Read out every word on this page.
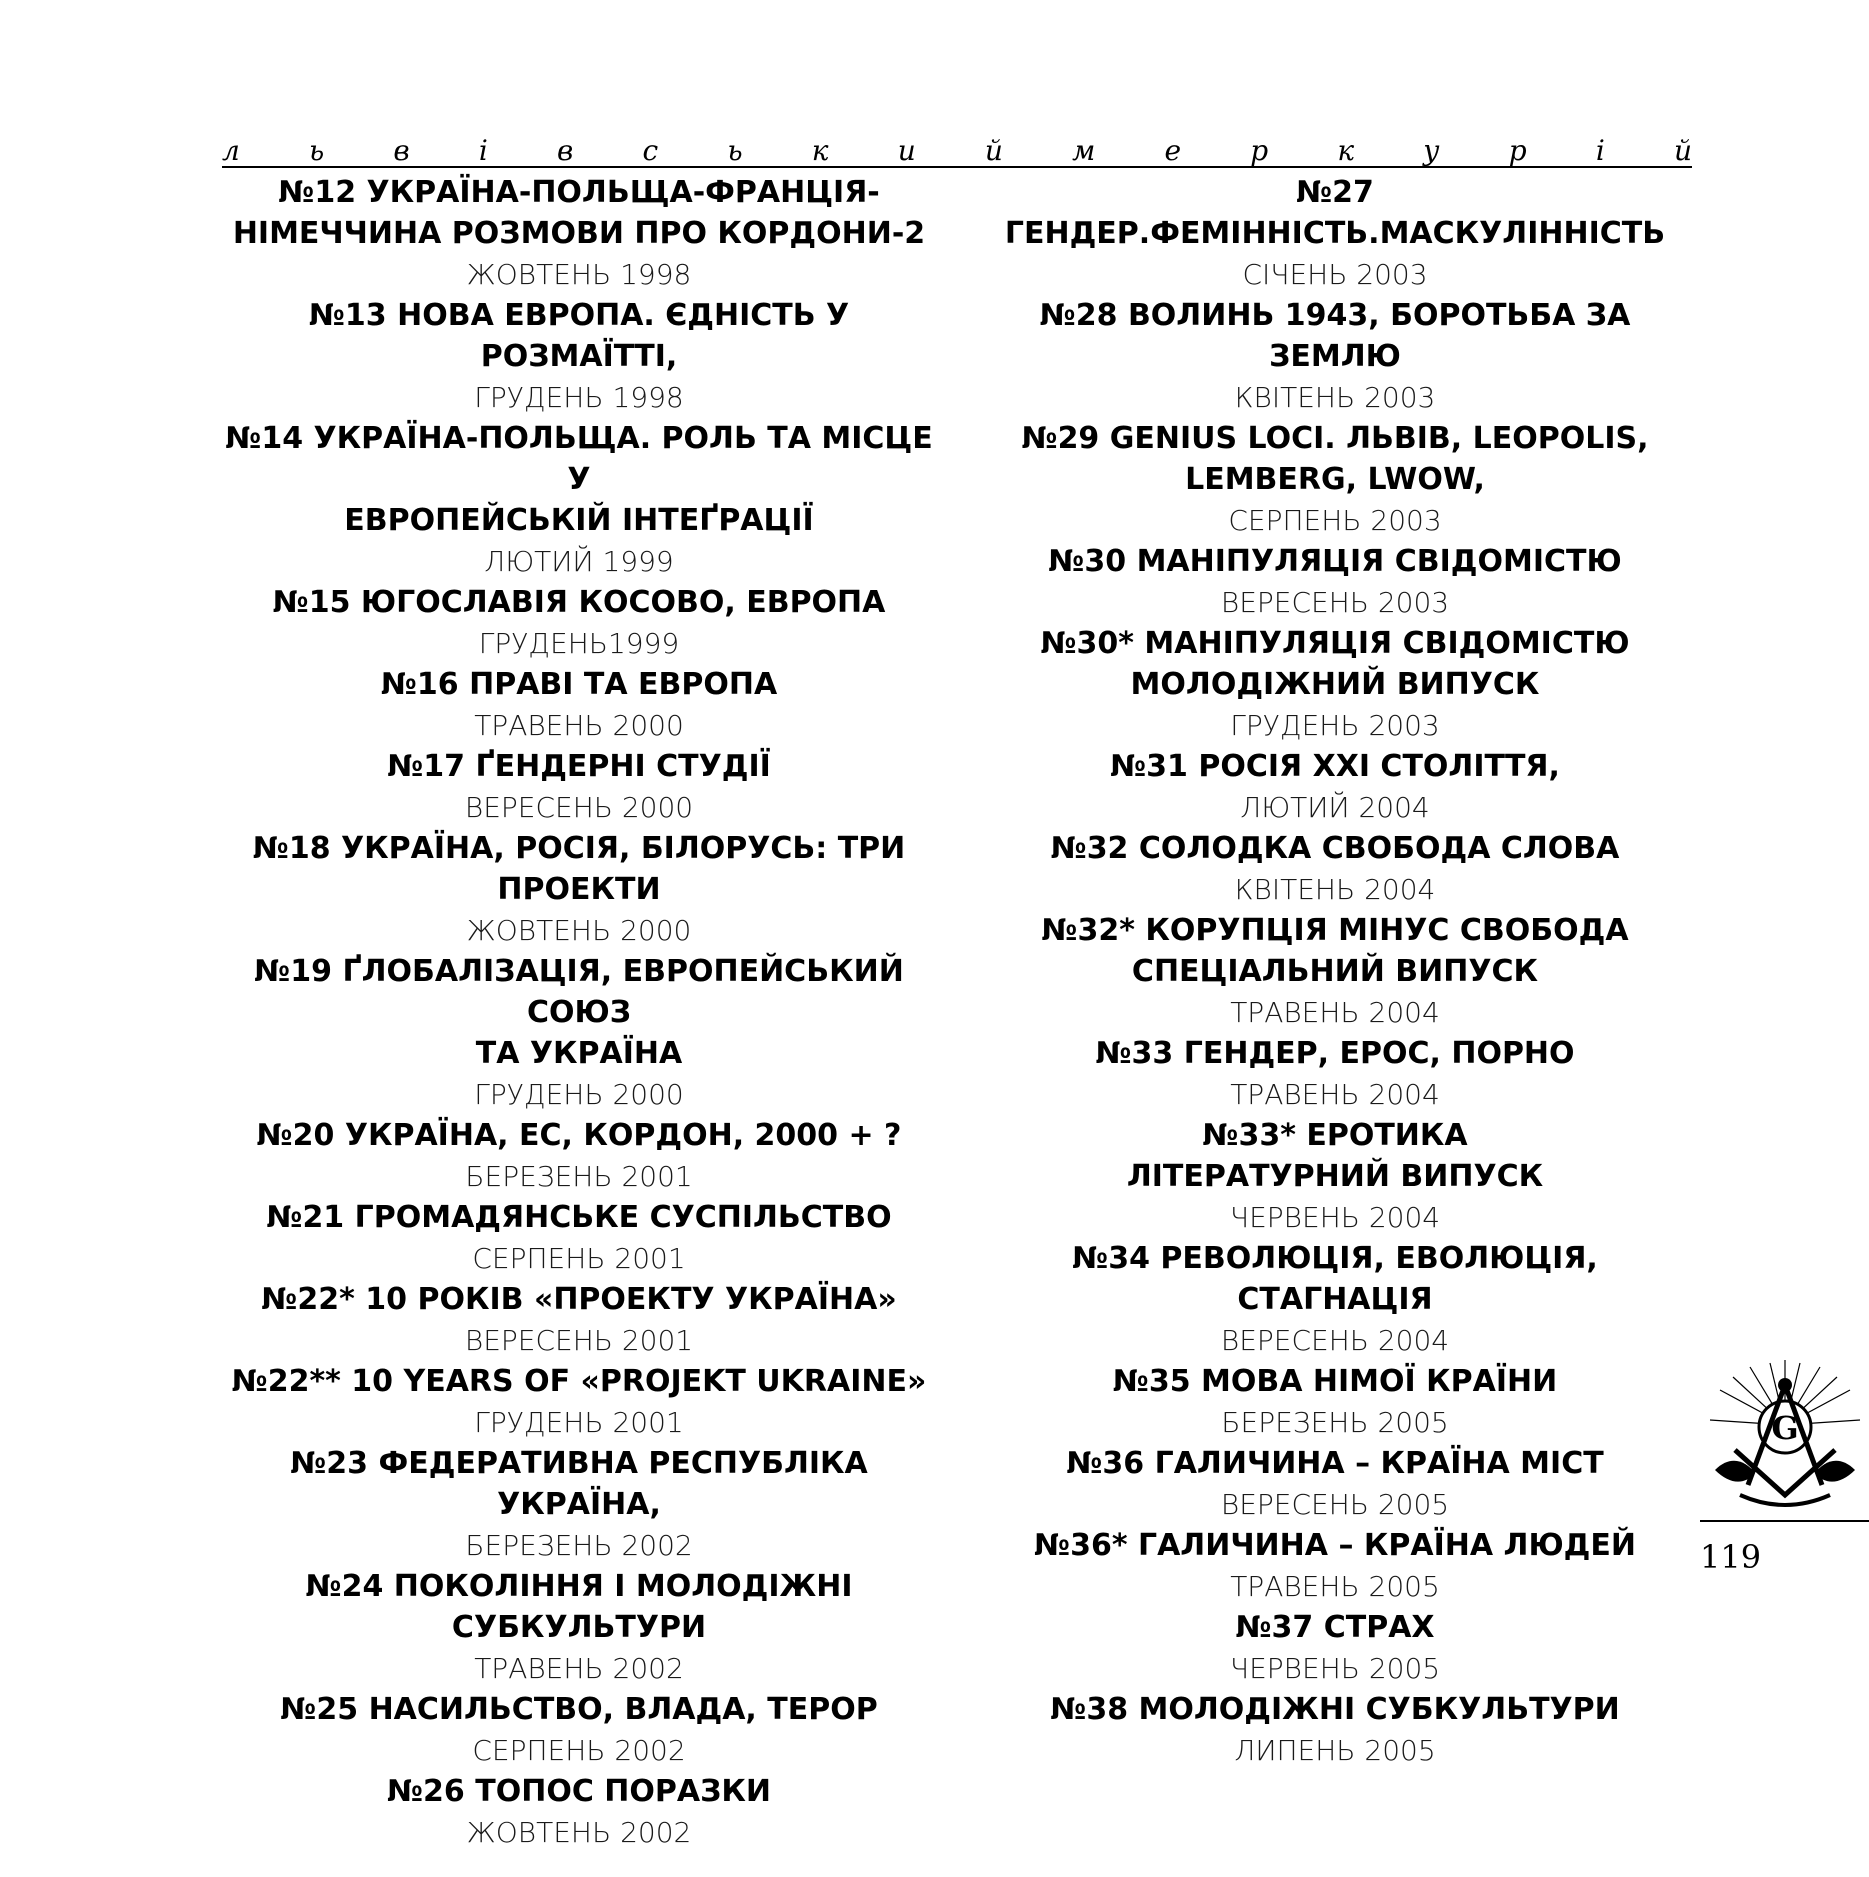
л ь в і в с ь к и й м е р к у р і й

№12 УКРАЇНА-ПОЛЬЩА-ФРАНЦІЯ-

НІМЕЧЧИНА РОЗМОВИ ПРО КОРДОНИ-2

ЖОВТЕНЬ 1998

№13 НОВА ЕВРОПА. ЄДНІСТЬ У РОЗМАЇТТІ,

ГРУДЕНЬ 1998

№14 УКРАЇНА-ПОЛЬЩА. РОЛЬ ТА МІСЦЕ У

ЕВРОПЕЙСЬКІЙ ІНТЕҐРАЦІЇ

ЛЮТИЙ 1999

№15 ЮГОСЛАВІЯ КОСОВО, ЕВРОПА

ГРУДЕНЬ1999

№16 ПРАВІ ТА ЕВРОПА

ТРАВЕНЬ 2000

№17 ҐЕНДЕРНІ СТУДІЇ

ВЕРЕСЕНЬ 2000

№18 УКРАЇНА, РОСІЯ, БІЛОРУСЬ: ТРИ

ПРОЕКТИ

ЖОВТЕНЬ 2000

№19 ҐЛОБАЛІЗАЦІЯ, ЕВРОПЕЙСЬКИЙ СОЮЗ

ТА УКРАЇНА

ГРУДЕНЬ 2000

№20 УКРАЇНА, ЕС, КОРДОН, 2000 + ?

БЕРЕЗЕНЬ 2001

№21 ГРОМАДЯНСЬКЕ СУСПІЛЬСТВО

СЕРПЕНЬ 2001

№22* 10 РОКІВ «ПРОЕКТУ УКРАЇНА»

ВЕРЕСЕНЬ 2001

№22** 10 YEARS OF «PROJEKT UKRAINE»

ГРУДЕНЬ 2001

№23 ФЕДЕРАТИВНА РЕСПУБЛІКА УКРАЇНА,

БЕРЕЗЕНЬ 2002

№24 ПОКОЛІННЯ І МОЛОДІЖНІ

СУБКУЛЬТУРИ

ТРАВЕНЬ 2002

№25 НАСИЛЬСТВО, ВЛАДА, ТЕРОР

СЕРПЕНЬ 2002

№26 ТОПОС ПОРАЗКИ

ЖОВТЕНЬ 2002

№27 ГЕНДЕР.ФЕМІННІСТЬ.МАСКУЛІННІСТЬ

СІЧЕНЬ 2003

№28 ВОЛИНЬ 1943, БОРОТЬБА ЗА ЗЕМЛЮ

КВІТЕНЬ 2003

№29 GENIUS LOCI. ЛЬВІВ, LEOPOLIS,

LEMBERG, LWOW,

СЕРПЕНЬ 2003

№30 МАНІПУЛЯЦІЯ СВІДОМІСТЮ

ВЕРЕСЕНЬ 2003

№30* МАНІПУЛЯЦІЯ СВІДОМІСТЮ

МОЛОДІЖНИЙ ВИПУСК

ГРУДЕНЬ 2003

№31 РОСІЯ XXI СТОЛІТТЯ,

ЛЮТИЙ 2004

№32 СОЛОДКА СВОБОДА СЛОВА

КВІТЕНЬ 2004

№32* КОРУПЦІЯ МІНУС СВОБОДА

СПЕЦІАЛЬНИЙ ВИПУСК

ТРАВЕНЬ 2004

№33 ГЕНДЕР, ЕРОС, ПОРНО

ТРАВЕНЬ 2004

№33* ЕРОТИКА

ЛІТЕРАТУРНИЙ ВИПУСК

ЧЕРВЕНЬ 2004

№34 РЕВОЛЮЦІЯ, ЕВОЛЮЦІЯ, СТАГНАЦІЯ

ВЕРЕСЕНЬ 2004

№35 МОВА НІМОЇ КРАЇНИ

БЕРЕЗЕНЬ 2005

№36 ГАЛИЧИНА – КРАЇНА МІСТ

ВЕРЕСЕНЬ 2005

№36* ГАЛИЧИНА – КРАЇНА ЛЮДЕЙ

ТРАВЕНЬ 2005

№37 СТРАХ

ЧЕРВЕНЬ 2005

№38 МОЛОДІЖНІ СУБКУЛЬТУРИ

ЛИПЕНЬ 2005

G
119
